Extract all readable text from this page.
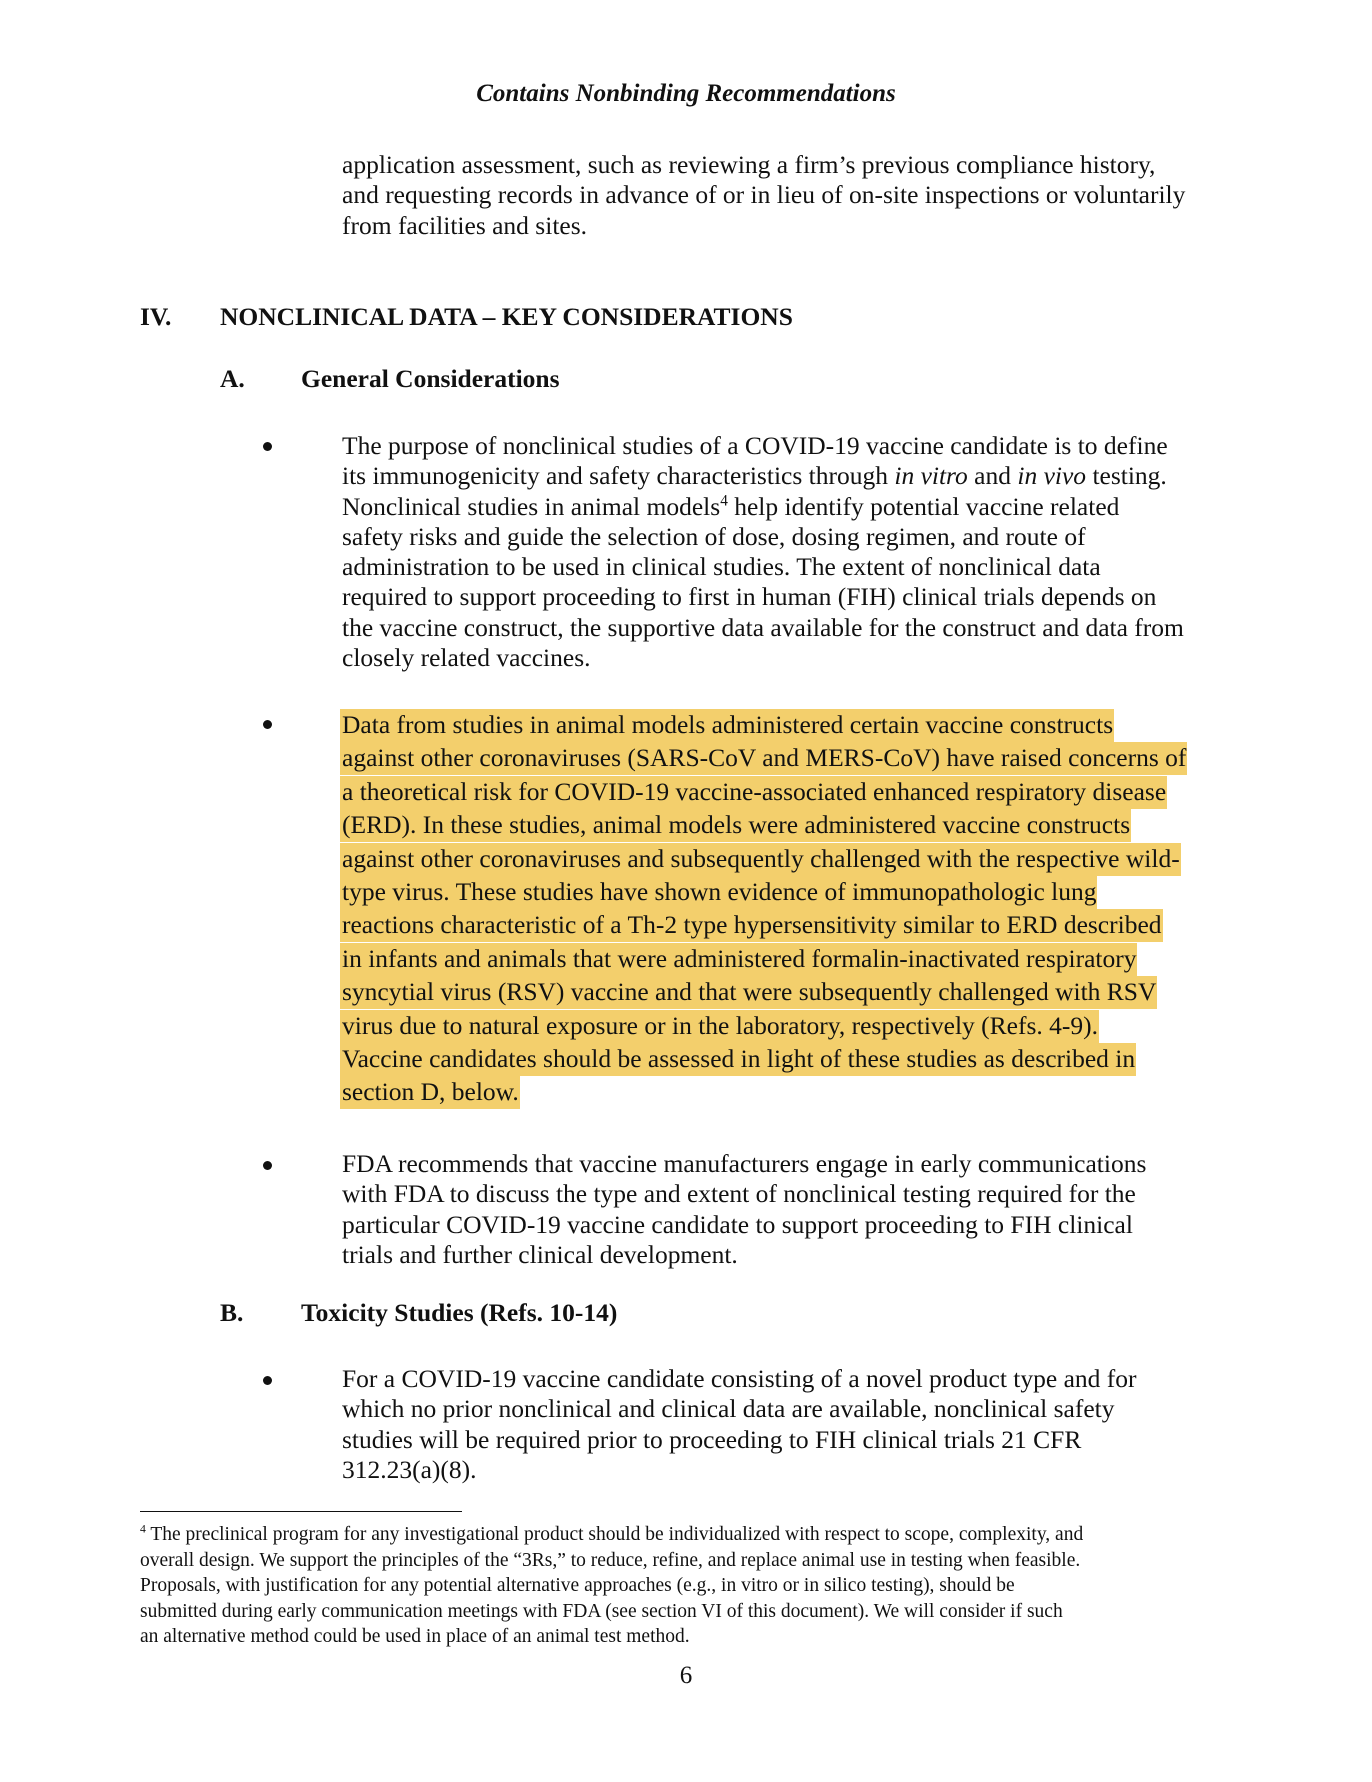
Contains Nonbinding Recommendations
application assessment, such as reviewing a firm’s previous compliance history,
and requesting records in advance of or in lieu of on-site inspections or voluntarily
from facilities and sites.
IV. NONCLINICAL DATA – KEY CONSIDERATIONS
A. General Considerations
The purpose of nonclinical studies of a COVID-19 vaccine candidate is to define
its immunogenicity and safety characteristics through in vitro and in vivo testing.
Nonclinical studies in animal models$^4$ help identify potential vaccine related
safety risks and guide the selection of dose, dosing regimen, and route of
administration to be used in clinical studies. The extent of nonclinical data
required to support proceeding to first in human (FIH) clinical trials depends on
the vaccine construct, the supportive data available for the construct and data from
closely related vaccines.
Data from studies in animal models administered certain vaccine constructs
against other coronaviruses (SARS-CoV and MERS-CoV) have raised concerns of
a theoretical risk for COVID-19 vaccine-associated enhanced respiratory disease
(ERD). In these studies, animal models were administered vaccine constructs
against other coronaviruses and subsequently challenged with the respective wild-
type virus. These studies have shown evidence of immunopathologic lung
reactions characteristic of a Th-2 type hypersensitivity similar to ERD described
in infants and animals that were administered formalin-inactivated respiratory
syncytial virus (RSV) vaccine and that were subsequently challenged with RSV
virus due to natural exposure or in the laboratory, respectively (Refs. 4-9).
Vaccine candidates should be assessed in light of these studies as described in
section D, below.
FDA recommends that vaccine manufacturers engage in early communications
with FDA to discuss the type and extent of nonclinical testing required for the
particular COVID-19 vaccine candidate to support proceeding to FIH clinical
trials and further clinical development.
B. Toxicity Studies (Refs. 10-14)
For a COVID-19 vaccine candidate consisting of a novel product type and for
which no prior nonclinical and clinical data are available, nonclinical safety
studies will be required prior to proceeding to FIH clinical trials 21 CFR
312.23(a)(8).
$^4$ The preclinical program for any investigational product should be individualized with respect to scope, complexity, and
overall design. We support the principles of the “3Rs,” to reduce, refine, and replace animal use in testing when feasible.
Proposals, with justification for any potential alternative approaches (e.g., in vitro or in silico testing), should be
submitted during early communication meetings with FDA (see section VI of this document). We will consider if such
an alternative method could be used in place of an animal test method.
6
